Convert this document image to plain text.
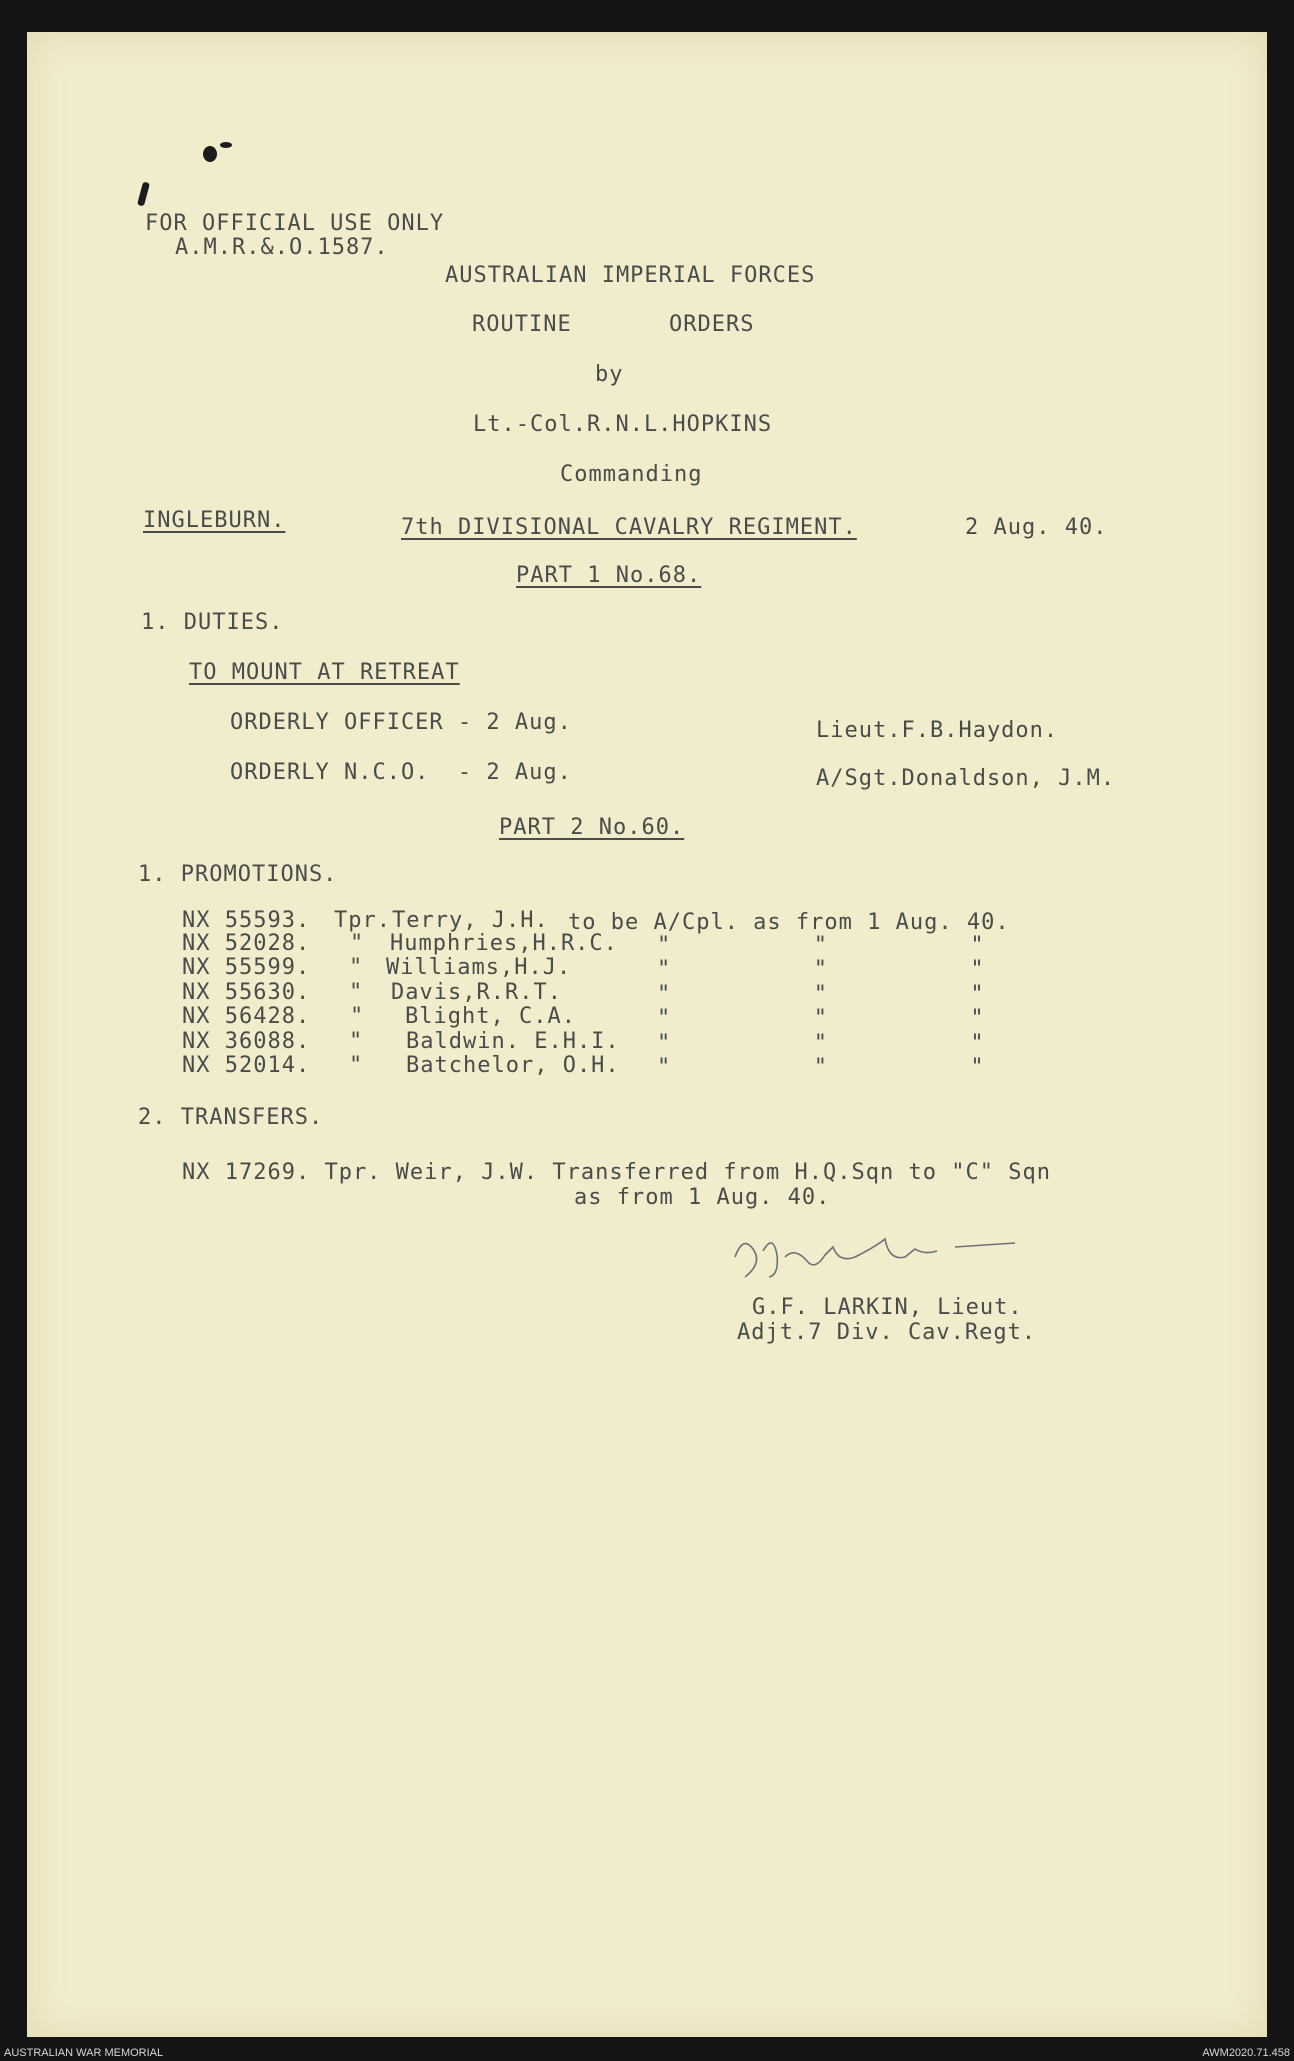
FOR OFFICIAL USE ONLY
A.M.R.&.O.1587.
AUSTRALIAN IMPERIAL FORCES
ROUTINE	ORDERS
by
Lt.-Col.R.N.L.HOPKINS
Commanding
INGLEBURN.	7th DIVISIONAL CAVALRY REGIMENT.	2 Aug. 40.
PART 1 No.68.
1. DUTIES.
TO MOUNT AT RETREAT
ORDERLY OFFICER - 2 Aug.	Lieut.F.B.Haydon.
ORDERLY N.C.O.  - 2 Aug.	A/Sgt.Donaldson, J.M.
PART 2 No.60.
1. PROMOTIONS.
NX 55593. Tpr. Terry, J.H. to be A/Cpl. as from 1 Aug. 40.
NX 52028. " Humphries,H.R.C. "          "          "
NX 55599. " Williams,H.J.	"          "          "
NX 55630. " Davis,R.R.T.	"          "          "
NX 56428. " Blight, C.A.	"          "          "
NX 36088. " Baldwin. E.H.I. "          "          "
NX 52014. " Batchelor, O.H. "          "          "
2. TRANSFERS.
NX 17269. Tpr. Weir, J.W. Transferred from H.Q.Sqn to "C" Sqn
as from 1 Aug. 40.
G.F. LARKIN, Lieut.
Adjt.7 Div. Cav.Regt.
AUSTRALIAN WAR MEMORIAL	AWM2020.71.458
